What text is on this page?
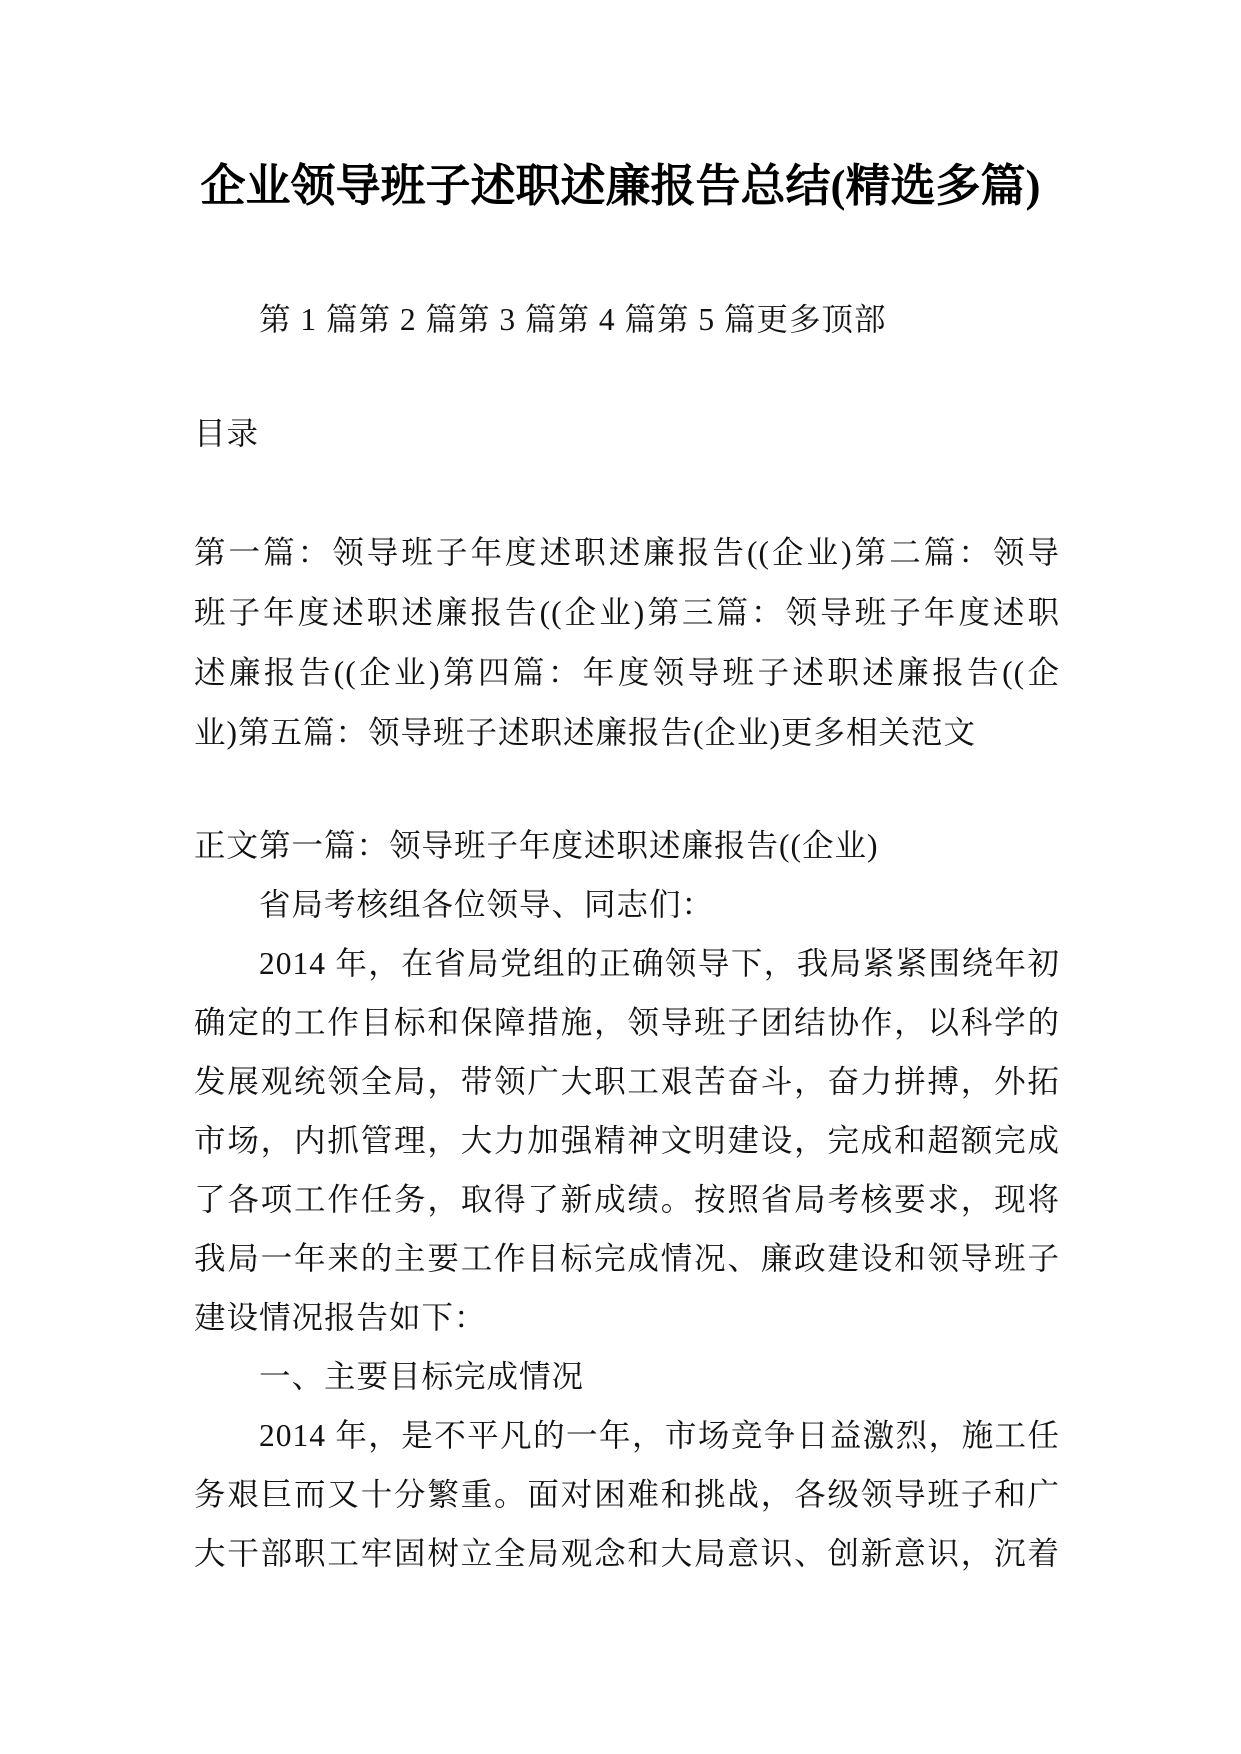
企业领导班子述职述廉报告总结(精选多篇)
第 1 篇第 2 篇第 3 篇第 4 篇第 5 篇更多顶部
目录
第一篇：领导班子年度述职述廉报告((企业)第二篇：领导
班子年度述职述廉报告((企业)第三篇：领导班子年度述职
述廉报告((企业)第四篇：年度领导班子述职述廉报告((企
业)第五篇：领导班子述职述廉报告(企业)更多相关范文
正文第一篇：领导班子年度述职述廉报告((企业)
省局考核组各位领导、同志们：
2014 年，在省局党组的正确领导下，我局紧紧围绕年初
确定的工作目标和保障措施，领导班子团结协作，以科学的
发展观统领全局，带领广大职工艰苦奋斗，奋力拼搏，外拓
市场，内抓管理，大力加强精神文明建设，完成和超额完成
了各项工作任务，取得了新成绩。按照省局考核要求，现将
我局一年来的主要工作目标完成情况、廉政建设和领导班子
建设情况报告如下：
一、主要目标完成情况
2014 年，是不平凡的一年，市场竞争日益激烈，施工任
务艰巨而又十分繁重。面对困难和挑战，各级领导班子和广
大干部职工牢固树立全局观念和大局意识、创新意识，沉着
